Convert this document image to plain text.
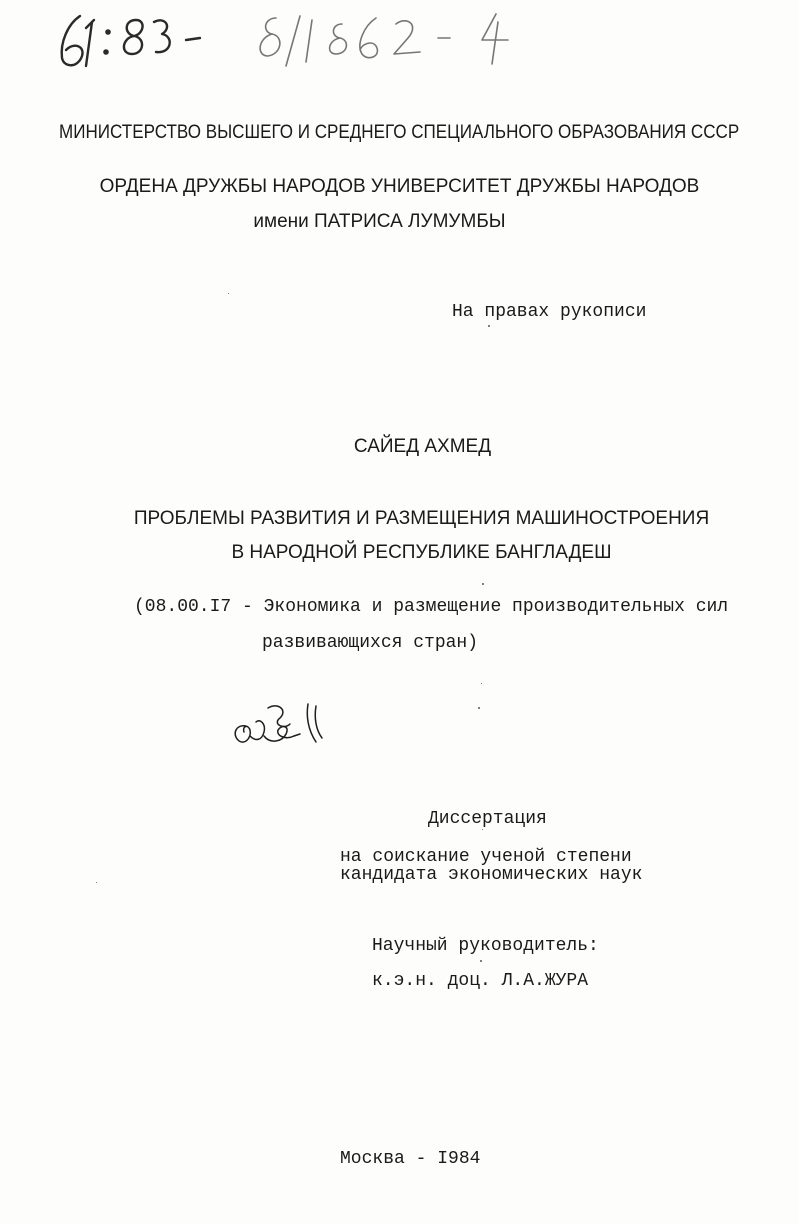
МИНИСТЕРСТВО ВЫСШЕГО И СРЕДНЕГО СПЕЦИАЛЬНОГО ОБРАЗОВАНИЯ СССР
ОРДЕНА ДРУЖБЫ НАРОДОВ УНИВЕРСИТЕТ ДРУЖБЫ НАРОДОВ
имени ПАТРИСА ЛУМУМБЫ
На правах рукописи
САЙЕД АХМЕД
ПРОБЛЕМЫ РАЗВИТИЯ И РАЗМЕЩЕНИЯ МАШИНОСТРОЕНИЯ
В НАРОДНОЙ РЕСПУБЛИКЕ БАНГЛАДЕШ
(08.00.I7 - Экономика и размещение производительных сил
развивающихся стран)
Диссертация
на соискание ученой степени
кандидата экономических наук
Научный руководитель:
к.э.н. доц. Л.А.ЖУРА
Москва - I984
